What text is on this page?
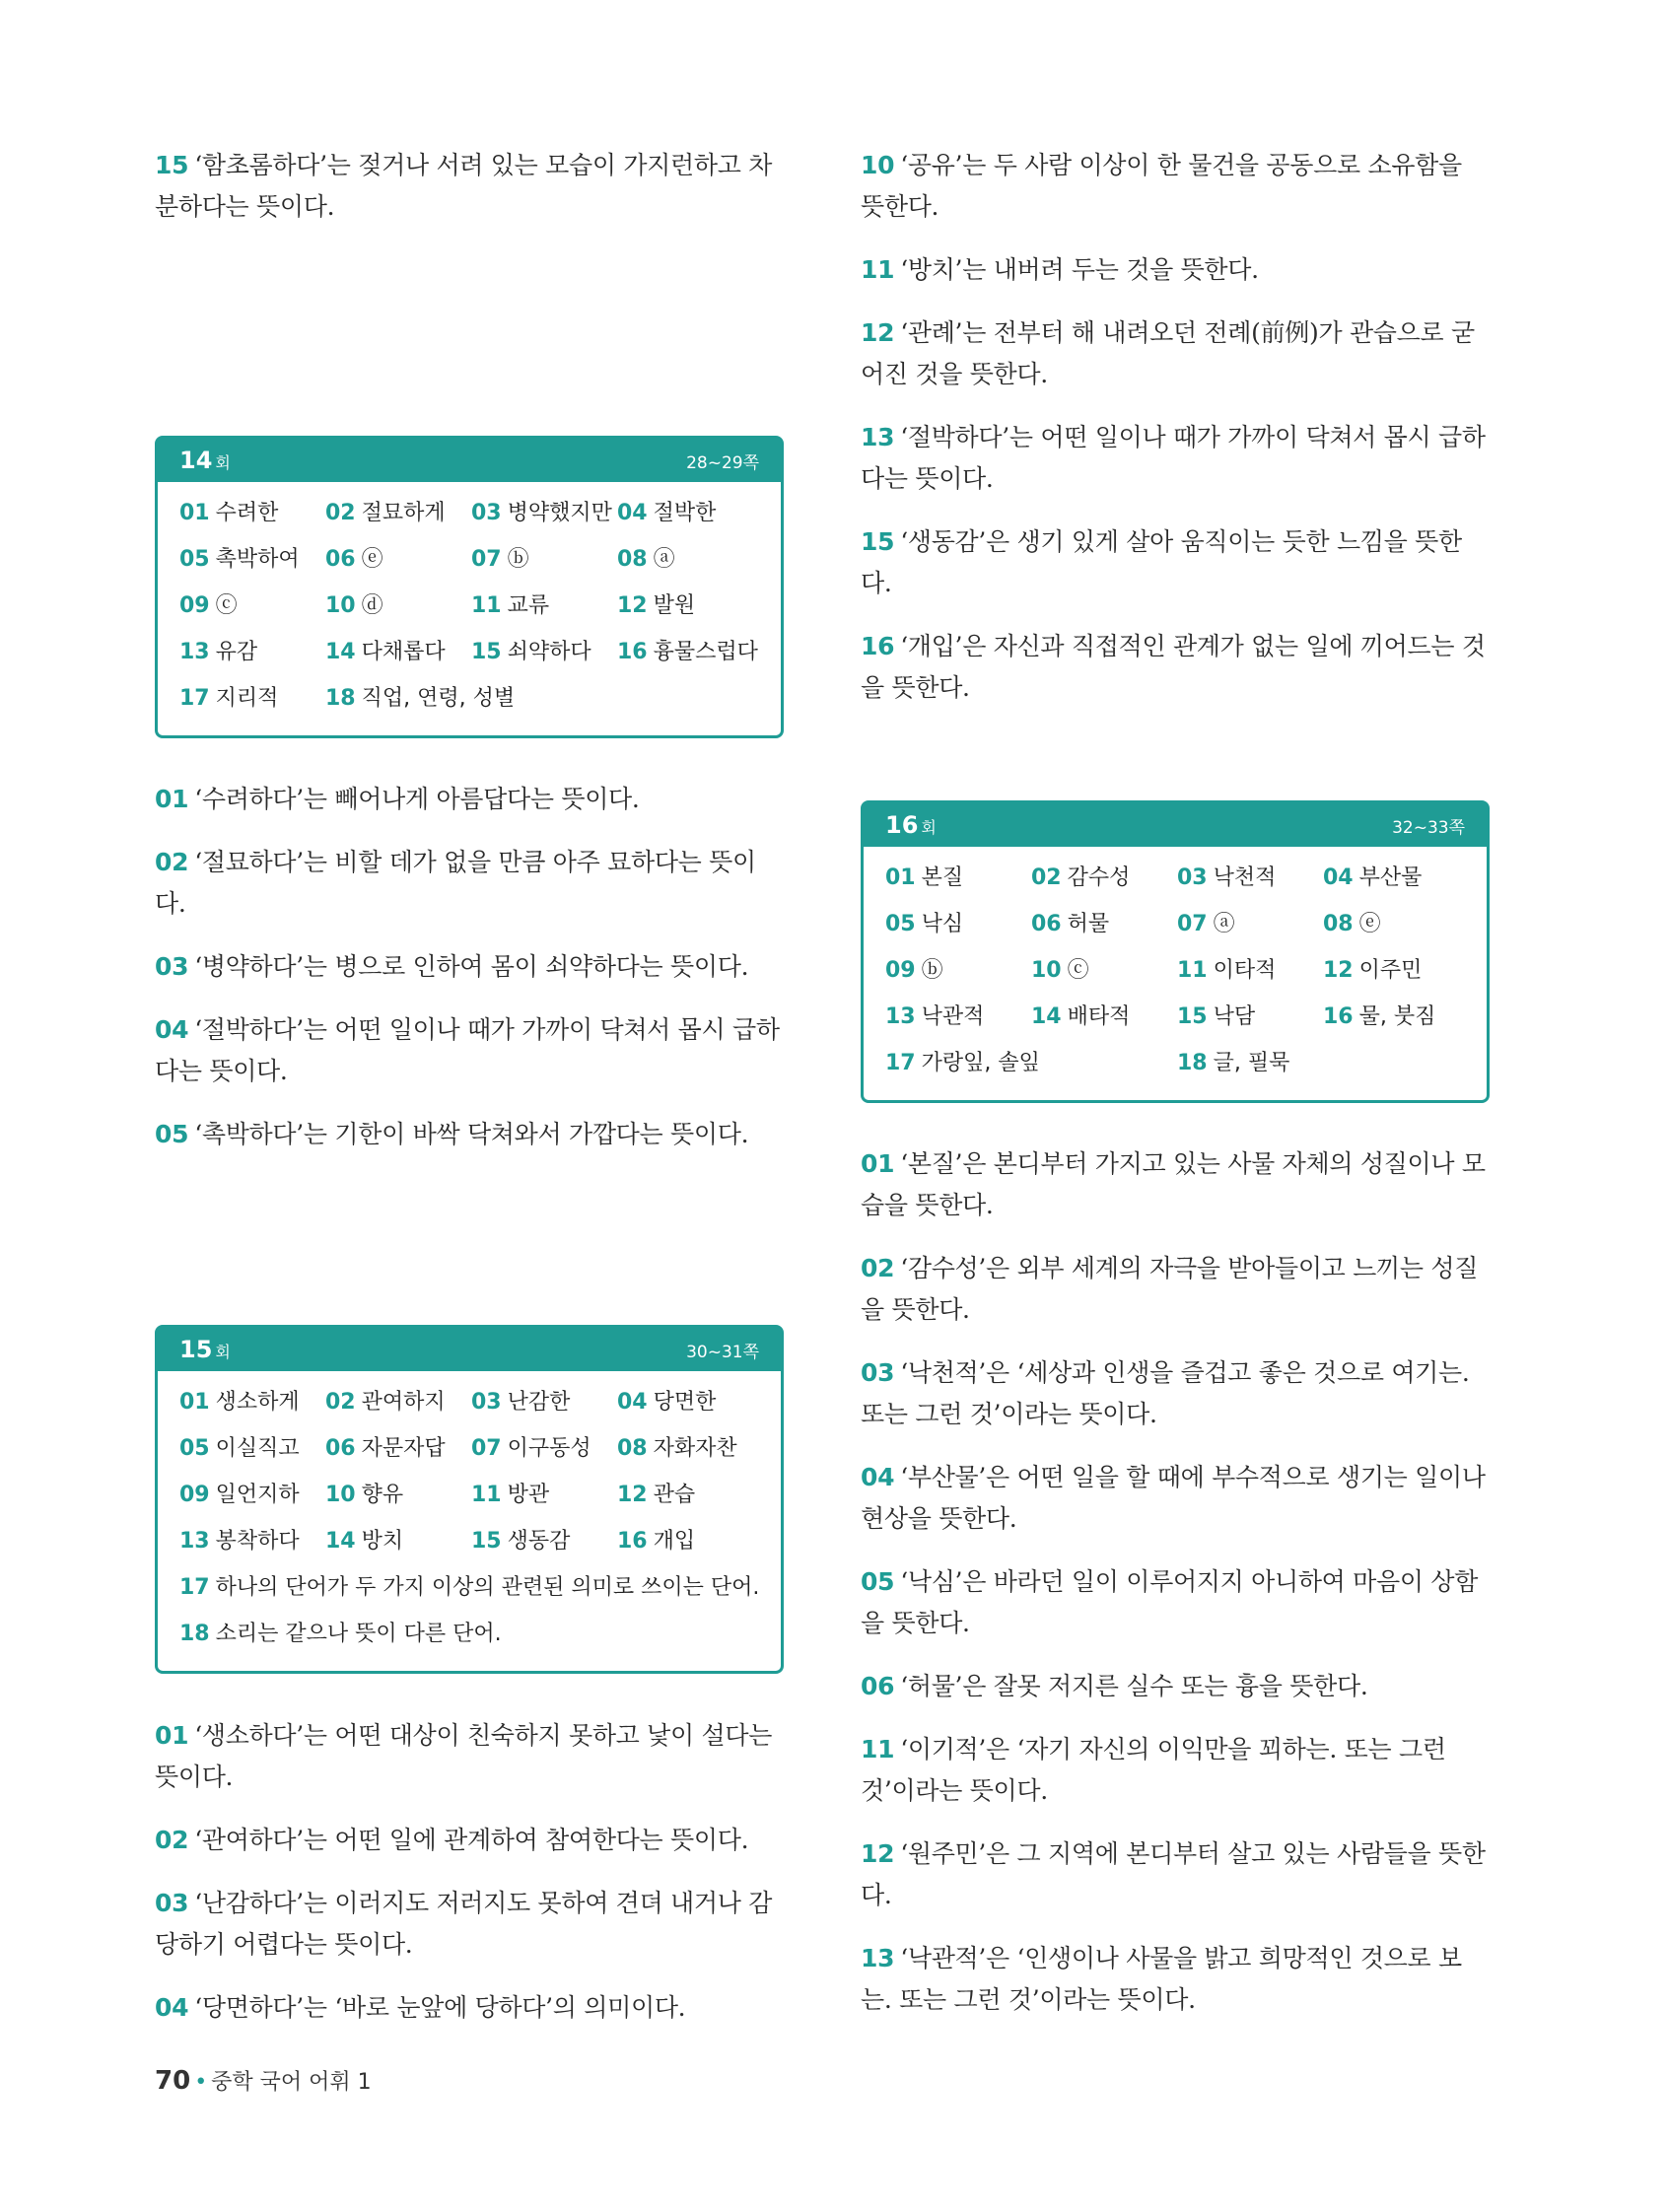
15 ‘함초롬하다’는 젖거나 서려 있는 모습이 가지런하고 차분하다는 뜻이다.

14 회	28~29쪽
01 수려한	02 절묘하게	03 병약했지만 04 절박한
05 촉박하여	06 ⓔ	07 ⓑ	08 ⓐ
09 ⓒ	10 ⓓ	11 교류	12 발원
13 유감	14 다채롭다	15 쇠약하다	16 흉물스럽다
17 지리적	18 직업, 연령, 성별

01 ‘수려하다’는 빼어나게 아름답다는 뜻이다.

02 ‘절묘하다’는 비할 데가 없을 만큼 아주 묘하다는 뜻이다.

03 ‘병약하다’는 병으로 인하여 몸이 쇠약하다는 뜻이다.

04 ‘절박하다’는 어떤 일이나 때가 가까이 닥쳐서 몹시 급하다는 뜻이다.

05 ‘촉박하다’는 기한이 바싹 닥쳐와서 가깝다는 뜻이다.

15 회	30~31쪽
01 생소하게	02 관여하지	03 난감한	04 당면한
05 이실직고	06 자문자답	07 이구동성	08 자화자찬
09 일언지하	10 향유	11 방관	12 관습
13 봉착하다	14 방치	15 생동감	16 개입
17 하나의 단어가 두 가지 이상의 관련된 의미로 쓰이는 단어.
18 소리는 같으나 뜻이 다른 단어.

01 ‘생소하다’는 어떤 대상이 친숙하지 못하고 낯이 설다는 뜻이다.

02 ‘관여하다’는 어떤 일에 관계하여 참여한다는 뜻이다.

03 ‘난감하다’는 이러지도 저러지도 못하여 견뎌 내거나 감당하기 어렵다는 뜻이다.

04 ‘당면하다’는 ‘바로 눈앞에 당하다’의 의미이다.

10 ‘공유’는 두 사람 이상이 한 물건을 공동으로 소유함을 뜻한다.

11 ‘방치’는 내버려 두는 것을 뜻한다.

12 ‘관례’는 전부터 해 내려오던 전례(前例)가 관습으로 굳어진 것을 뜻한다.

13 ‘절박하다’는 어떤 일이나 때가 가까이 닥쳐서 몹시 급하다는 뜻이다.

15 ‘생동감’은 생기 있게 살아 움직이는 듯한 느낌을 뜻한다.

16 ‘개입’은 자신과 직접적인 관계가 없는 일에 끼어드는 것을 뜻한다.

16 회	32~33쪽
01 본질	02 감수성	03 낙천적	04 부산물
05 낙심	06 허물	07 ⓐ	08 ⓔ
09 ⓑ	10 ⓒ	11 이타적	12 이주민
13 낙관적	14 배타적	15 낙담	16 물, 붓짐
17 가랑잎, 솔잎	18 글, 필묵

01 ‘본질’은 본디부터 가지고 있는 사물 자체의 성질이나 모습을 뜻한다.

02 ‘감수성’은 외부 세계의 자극을 받아들이고 느끼는 성질을 뜻한다.

03 ‘낙천적’은 ‘세상과 인생을 즐겁고 좋은 것으로 여기는. 또는 그런 것’이라는 뜻이다.

04 ‘부산물’은 어떤 일을 할 때에 부수적으로 생기는 일이나 현상을 뜻한다.

05 ‘낙심’은 바라던 일이 이루어지지 아니하여 마음이 상함을 뜻한다.

06 ‘허물’은 잘못 저지른 실수 또는 흉을 뜻한다.

11 ‘이기적’은 ‘자기 자신의 이익만을 꾀하는. 또는 그런 것’이라는 뜻이다.

12 ‘원주민’은 그 지역에 본디부터 살고 있는 사람들을 뜻한다.

13 ‘낙관적’은 ‘인생이나 사물을 밝고 희망적인 것으로 보는. 또는 그런 것’이라는 뜻이다.

70 • 중학 국어 어휘 1
